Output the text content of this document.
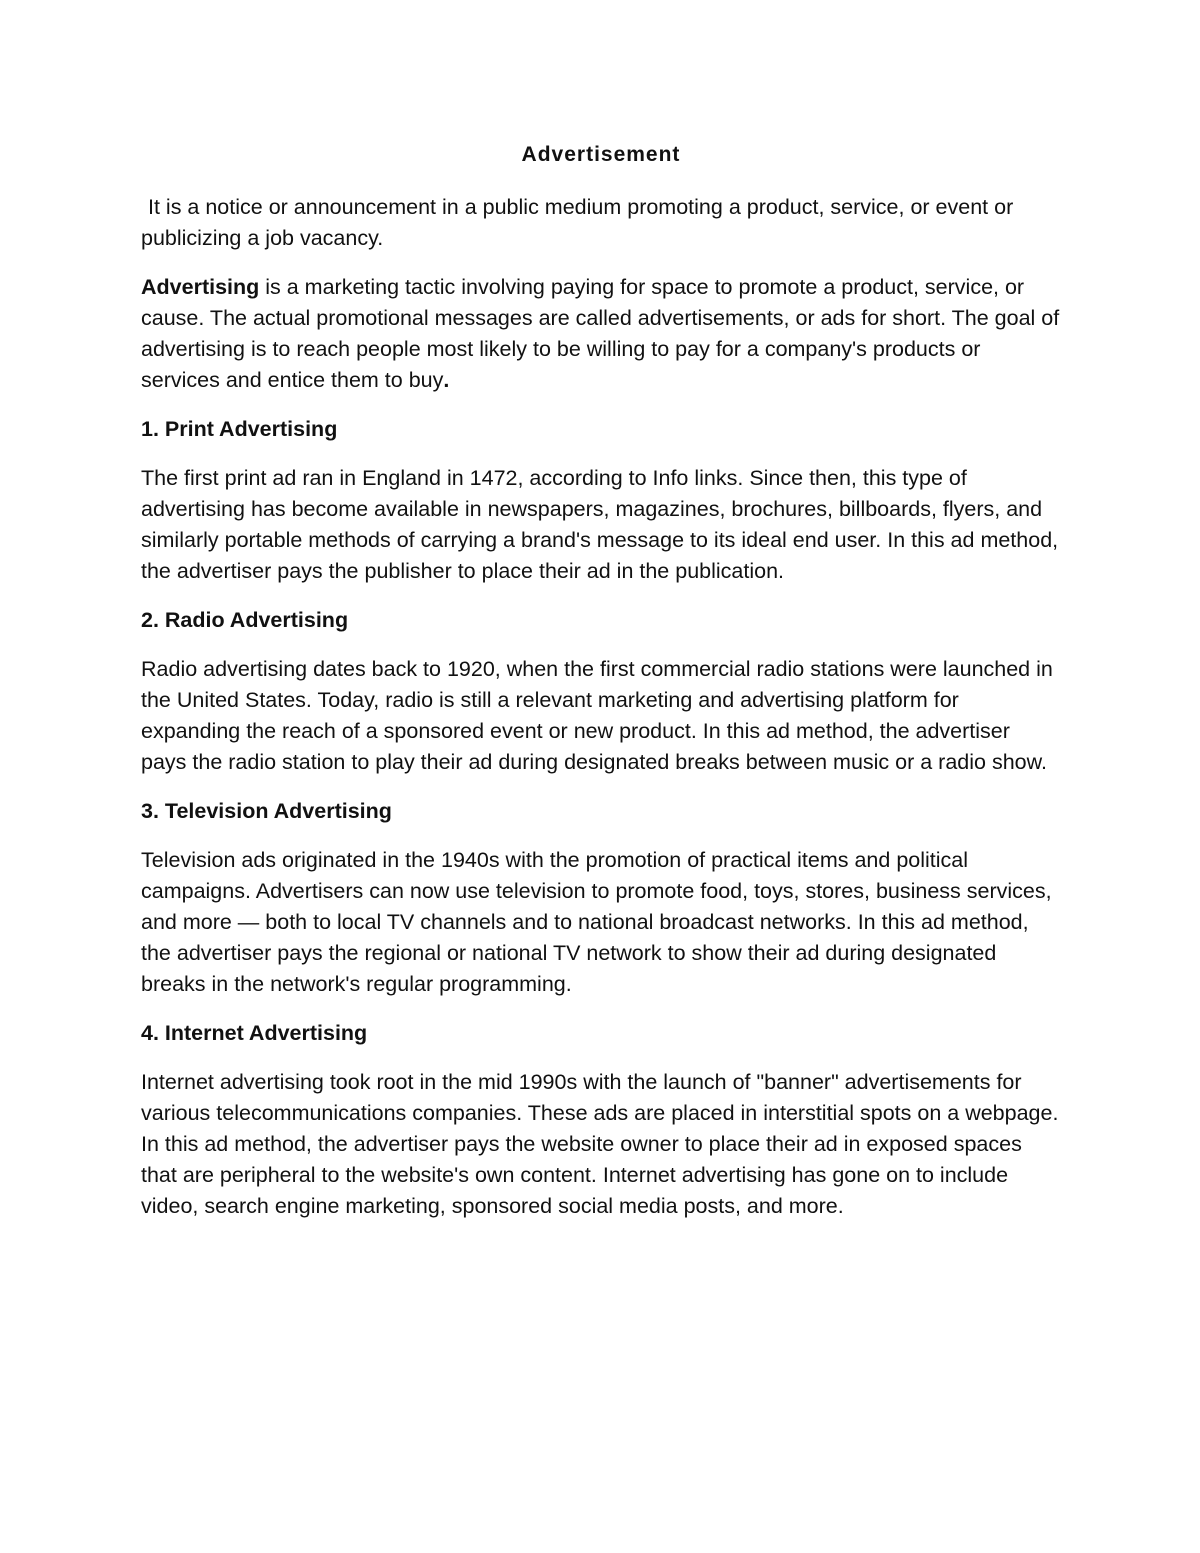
Advertisement

It is a notice or announcement in a public medium promoting a product, service, or event or publicizing a job vacancy.

Advertising is a marketing tactic involving paying for space to promote a product, service, or cause. The actual promotional messages are called advertisements, or ads for short. The goal of advertising is to reach people most likely to be willing to pay for a company's products or services and entice them to buy.

1. Print Advertising

The first print ad ran in England in 1472, according to Info links. Since then, this type of advertising has become available in newspapers, magazines, brochures, billboards, flyers, and similarly portable methods of carrying a brand's message to its ideal end user. In this ad method, the advertiser pays the publisher to place their ad in the publication.

2. Radio Advertising

Radio advertising dates back to 1920, when the first commercial radio stations were launched in the United States. Today, radio is still a relevant marketing and advertising platform for expanding the reach of a sponsored event or new product. In this ad method, the advertiser pays the radio station to play their ad during designated breaks between music or a radio show.

3. Television Advertising

Television ads originated in the 1940s with the promotion of practical items and political campaigns. Advertisers can now use television to promote food, toys, stores, business services, and more — both to local TV channels and to national broadcast networks. In this ad method, the advertiser pays the regional or national TV network to show their ad during designated breaks in the network's regular programming.

4. Internet Advertising

Internet advertising took root in the mid 1990s with the launch of "banner" advertisements for various telecommunications companies. These ads are placed in interstitial spots on a webpage. In this ad method, the advertiser pays the website owner to place their ad in exposed spaces that are peripheral to the website's own content. Internet advertising has gone on to include video, search engine marketing, sponsored social media posts, and more.
